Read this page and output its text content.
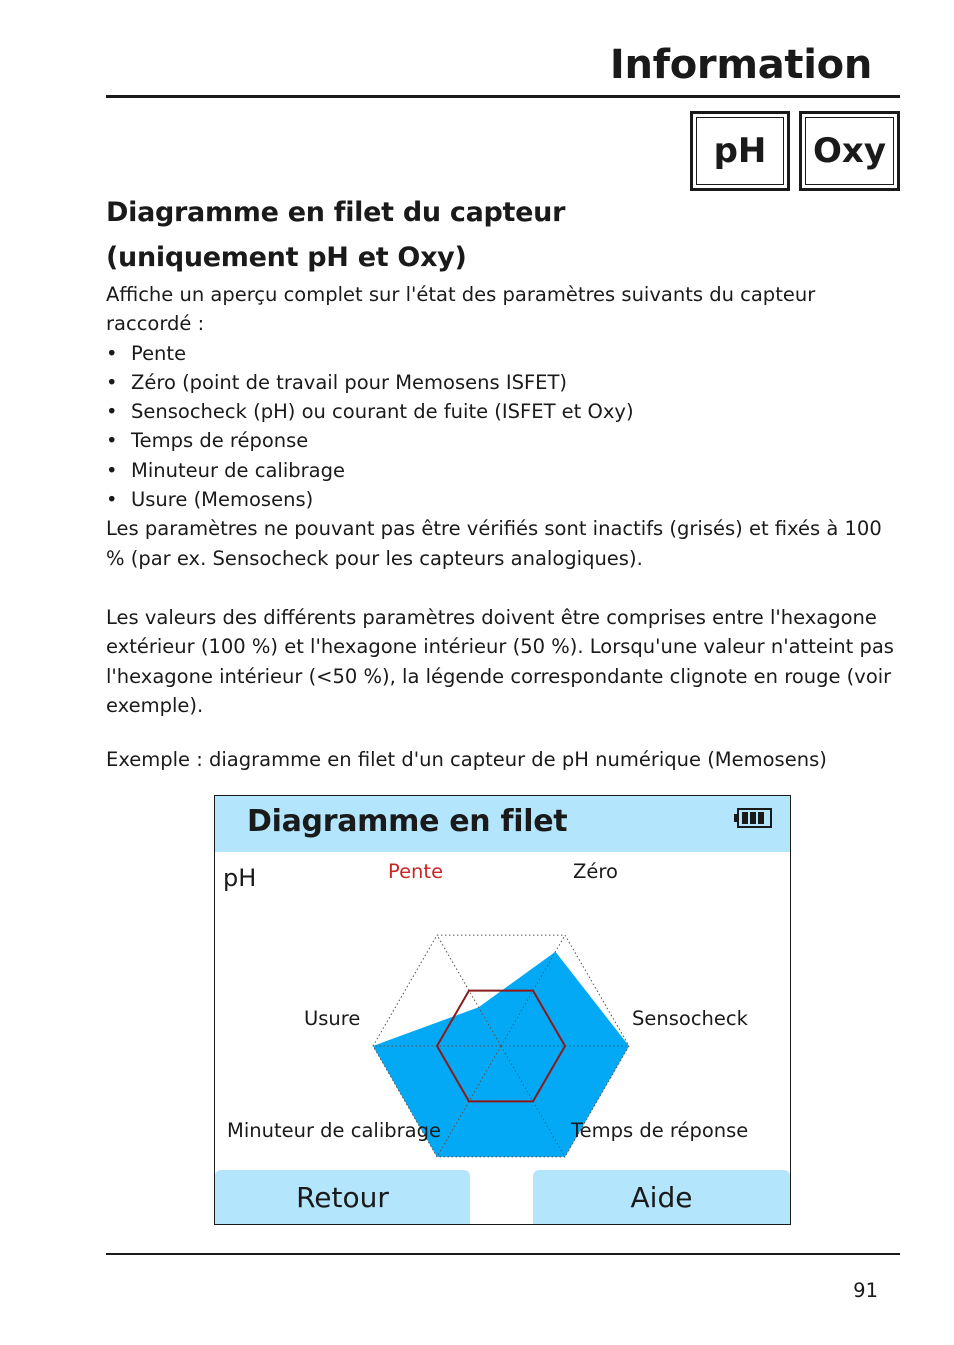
Information
pH	Oxy
Diagramme en filet du capteur
(uniquement pH et Oxy)

Affiche un aperçu complet sur l'état des paramètres suivants du capteur raccordé :

• Pente
• Zéro (point de travail pour Memosens ISFET)
• Sensocheck (pH) ou courant de fuite (ISFET et Oxy)
• Temps de réponse
• Minuteur de calibrage
• Usure (Memosens)

Les paramètres ne pouvant pas être vérifiés sont inactifs (grisés) et fixés à 100 % (par ex. Sensocheck pour les capteurs analogiques).

Les valeurs des différents paramètres doivent être comprises entre l'hexagone extérieur (100 %) et l'hexagone intérieur (50 %). Lorsqu'une valeur n'atteint pas l'hexagone intérieur (<50 %), la légende correspondante clignote en rouge (voir exemple).
Exemple : diagramme en filet d'un capteur de pH numérique (Memosens)
Diagramme en filet
pH	Pente	Zéro
Sensocheck
Usure
Minuteur de calibrage	Temps de réponse
Retour	Aide
91
